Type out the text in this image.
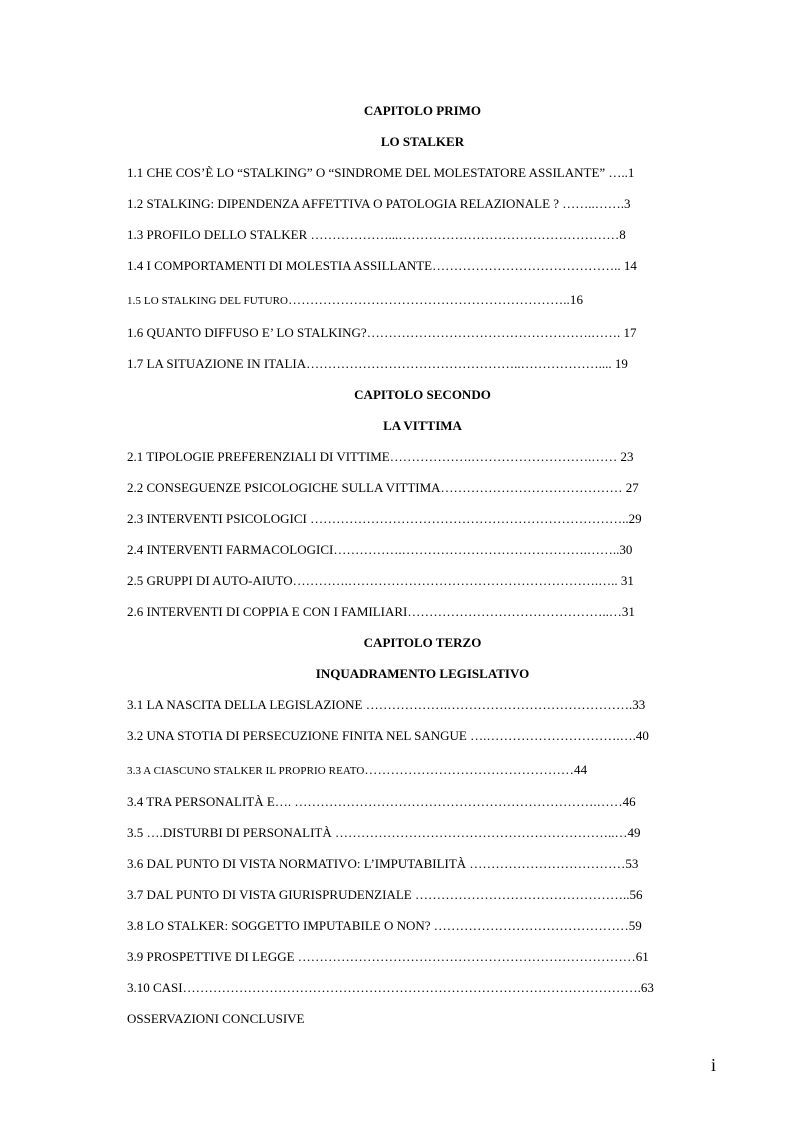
CAPITOLO PRIMO
LO STALKER
1.1 CHE COS’È LO “STALKING” O “SINDROME DEL MOLESTATORE ASSILANTE” …..1
1.2 STALKING: DIPENDENZA AFFETTIVA O PATOLOGIA RELAZIONALE ? ……..…….3
1.3 PROFILO DELLO STALKER ………………...……………………………………………8
1.4 I COMPORTAMENTI DI MOLESTIA ASSILLANTE…………………………………….. 14
1.5 LO STALKING DEL FUTURO………………………………………………………..16
1.6 QUANTO DIFFUSO E’ LO STALKING?…………………………………………….……. 17
1.7 LA SITUAZIONE IN ITALIA…………………………………………..……………….... 19
CAPITOLO SECONDO
LA VITTIMA
2.1 TIPOLOGIE PREFERENZIALI DI VITTIME……………….……………………….…… 23
2.2 CONSEGUENZE PSICOLOGICHE SULLA VITTIMA…………………………………… 27
2.3 INTERVENTI PSICOLOGICI ………………………………………………………………..29
2.4 INTERVENTI FARMACOLOGICI…………….…………………………………….……..30
2.5 GRUPPI DI AUTO-AIUTO………….………………………………………………….….. 31
2.6 INTERVENTI DI COPPIA E CON I FAMILIARI………………………………………..…31
CAPITOLO TERZO
INQUADRAMENTO LEGISLATIVO
3.1 LA NASCITA DELLA LEGISLAZIONE ……………….…………………………………….33
3.2 UNA STOTIA DI PERSECUZIONE FINITA NEL SANGUE ….………………………….….40
3.3 A CIASCUNO STALKER IL PROPRIO REATO…………………………………………44
3.4 TRA PERSONALITÀ E…. …………………………………………………………….……46
3.5 ….DISTURBI DI PERSONALITÀ ………………………………………………………..…49
3.6 DAL PUNTO DI VISTA NORMATIVO: L’IMPUTABILITÀ ………………………………53
3.7 DAL PUNTO DI VISTA GIURISPRUDENZIALE …………………………………………..56
3.8 LO STALKER: SOGGETTO IMPUTABILE O NON? ………………………………………59
3.9 PROSPETTIVE DI LEGGE ……………………………………………………………………61
3.10 CASI…………………………………………………………………………………………….63
OSSERVAZIONI CONCLUSIVE
i
